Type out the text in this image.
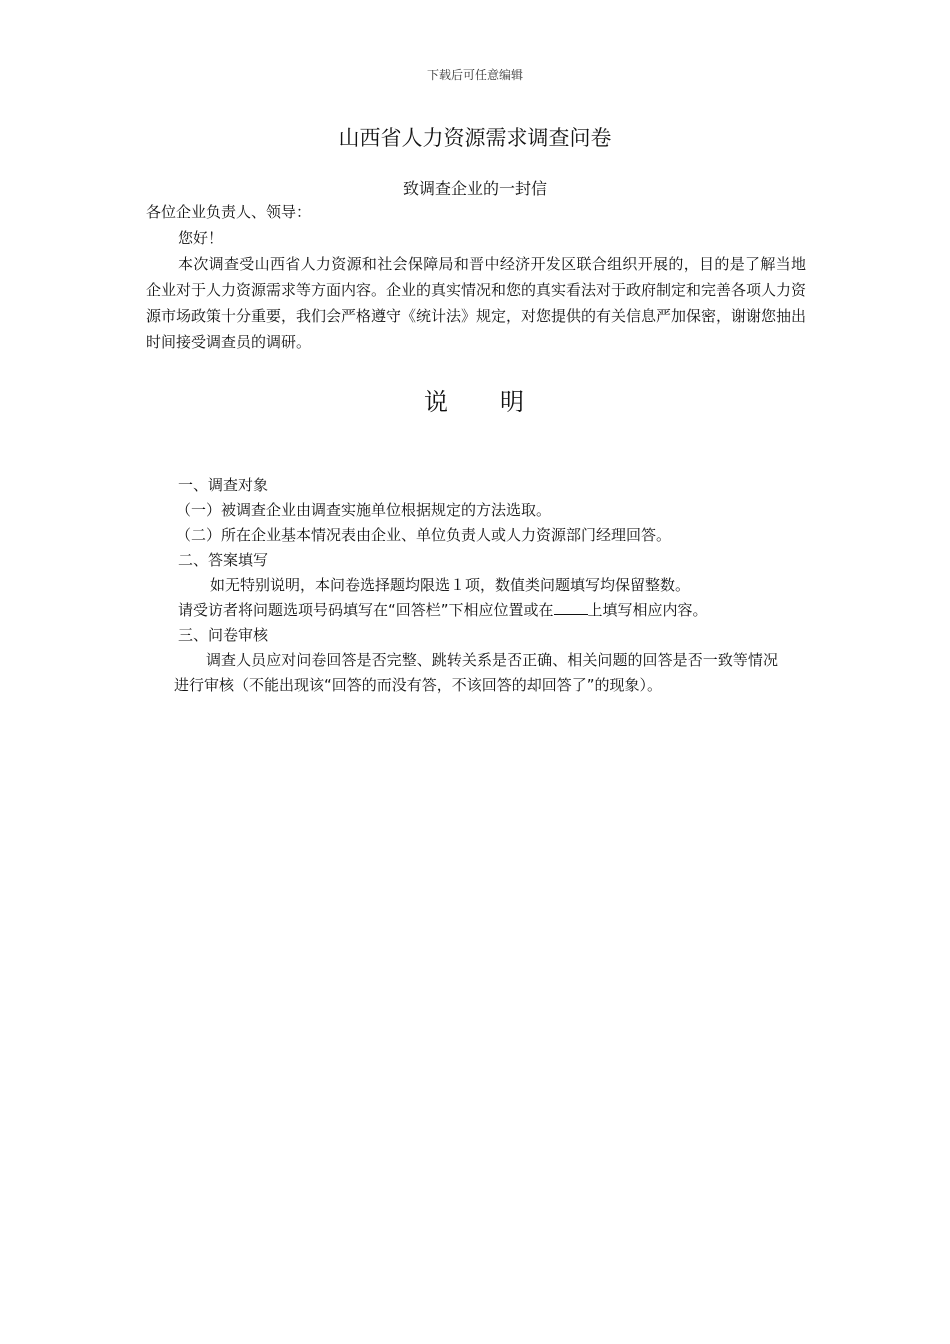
下载后可任意编辑
山西省人力资源需求调查问卷
致调查企业的一封信
各位企业负责人、领导：
您好！
本次调查受山西省人力资源和社会保障局和晋中经济开发区联合组织开展的，目的是了解当地企业对于人力资源需求等方面内容。企业的真实情况和您的真实看法对于政府制定和完善各项人力资源市场政策十分重要，我们会严格遵守《统计法》规定，对您提供的有关信息严加保密，谢谢您抽出时间接受调查员的调研。
说明
一、调查对象
（一）被调查企业由调查实施单位根据规定的方法选取。
（二）所在企业基本情况表由企业、单位负责人或人力资源部门经理回答。
二、答案填写
如无特别说明，本问卷选择题均限选１项，数值类问题填写均保留整数。
请受访者将问题选项号码填写在“回答栏”下相应位置或在 上填写相应内容。
三、问卷审核
调查人员应对问卷回答是否完整、跳转关系是否正确、相关问题的回答是否一致等情况进行审核（不能出现该“回答的而没有答，不该回答的却回答了”的现象）。
